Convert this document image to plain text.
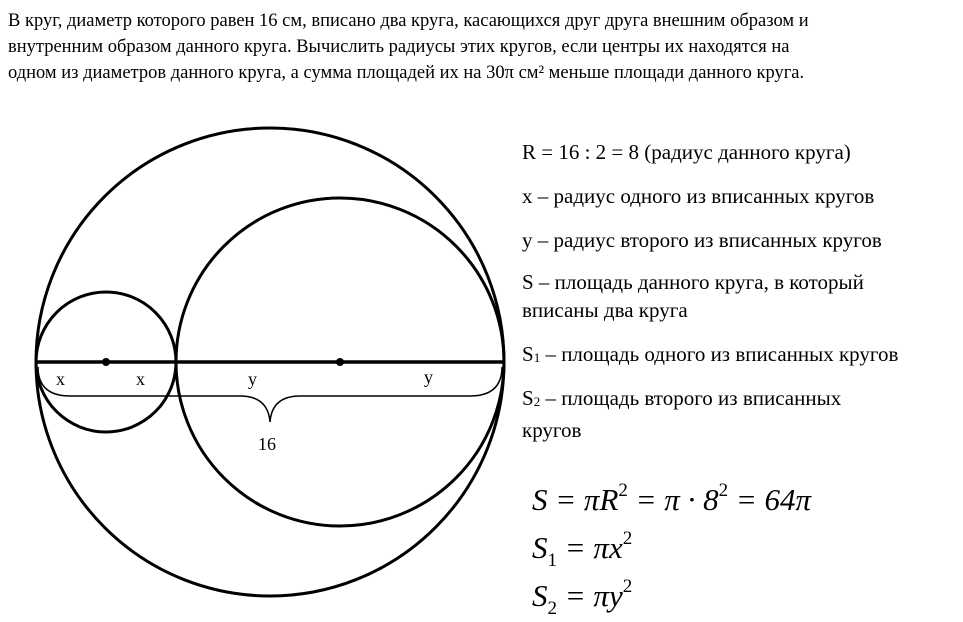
В круг, диаметр которого равен 16 см, вписано два круга, касающихся друг друга внешним образом и
внутренним образом данного круга. Вычислить радиусы этих кругов, если центры их находятся на
одном из диаметров данного круга, а сумма площадей их на 30π см² меньше площади данного круга.
x	x	y	y
16
R = 16 : 2 = 8 (радиус данного круга)
x – радиус одного из вписанных кругов
y – радиус второго из вписанных кругов
S – площадь данного круга, в который
вписаны два круга
$S_1$ – площадь одного из вписанных кругов
$S_2$ – площадь второго из вписанных
кругов
$S = \pi R^2 = \pi \cdot 8^2 = 64\pi$
$S_1 = \pi x^2$
$S_2 = \pi y^2$
